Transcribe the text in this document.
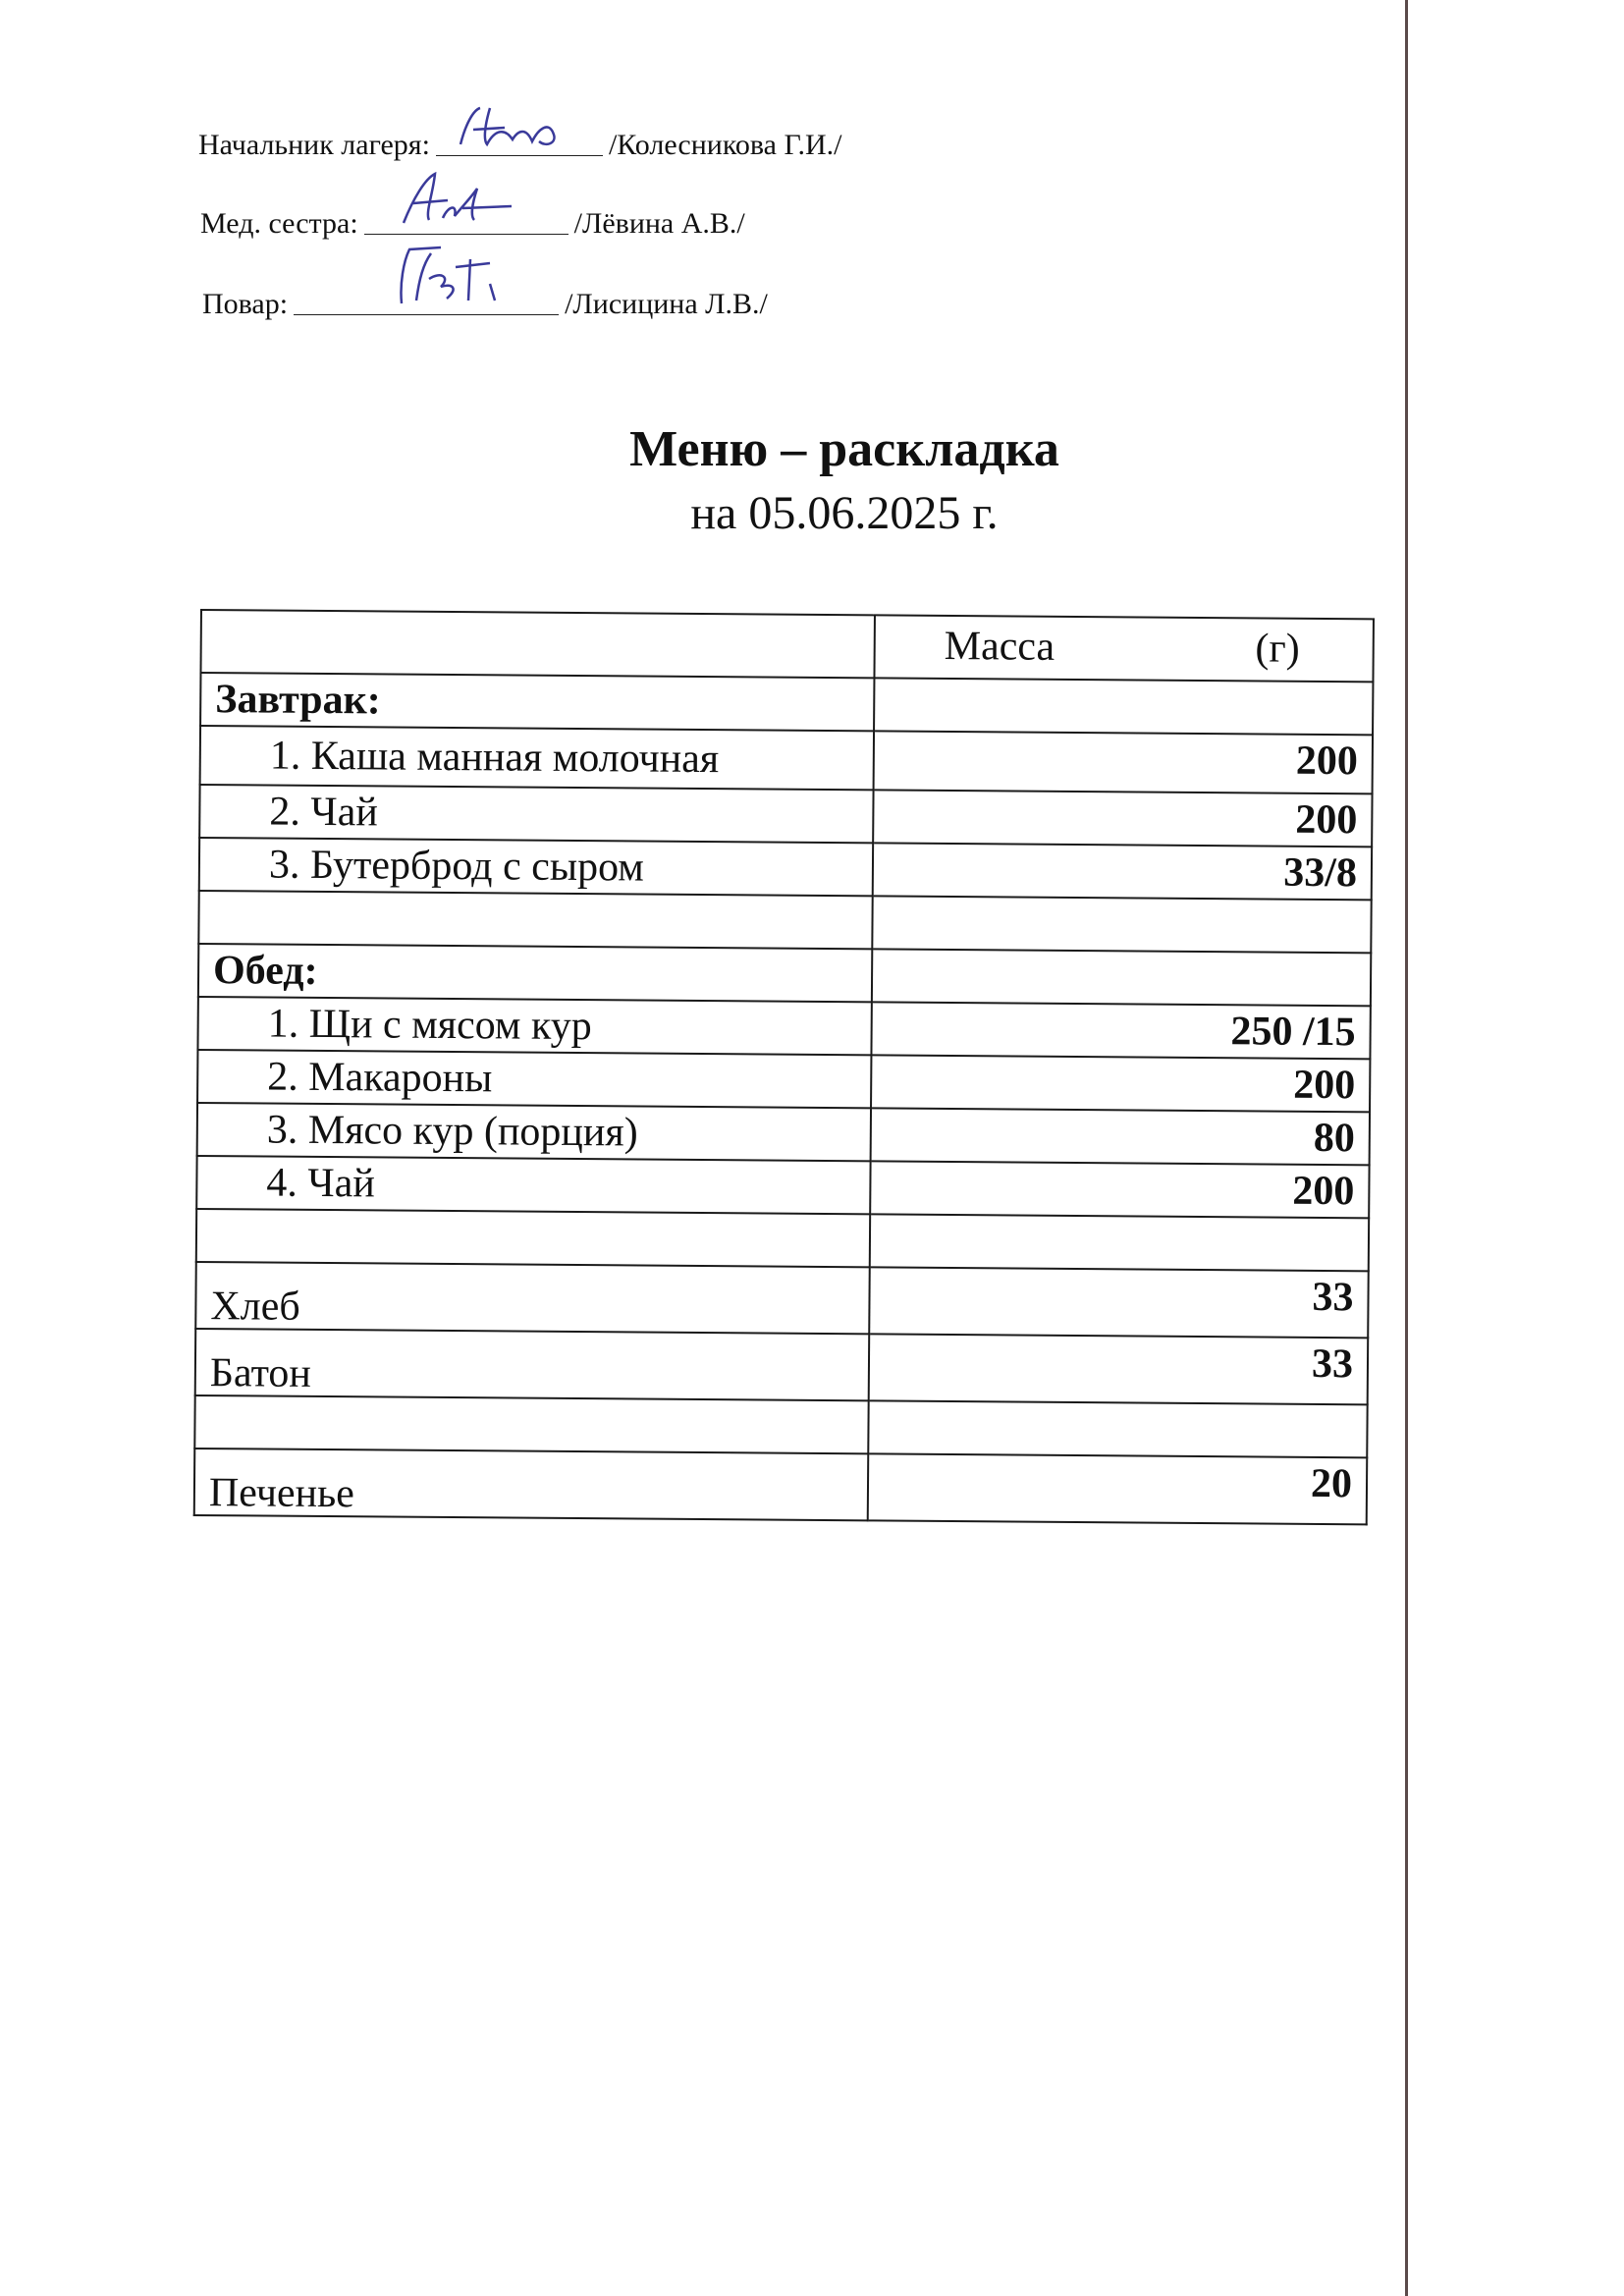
Начальник лагеря:	/Колесникова Г.И./
Мед. сестра:	/Лёвина А.В./
Повар:	/Лисицина Л.В./
Меню – раскладка
на 05.06.2025 г.

	Масса (г)

Завтрак:	
1. Каша манная молочная	200
2. Чай	200
3. Бутерброд с сыром	33/8

Обед:	
1. Щи с мясом кур	250 /15
2. Макароны	200
3. Мясо кур (порция)	80
4. Чай	200

Хлеб	33
Батон	33

Печенье	20
